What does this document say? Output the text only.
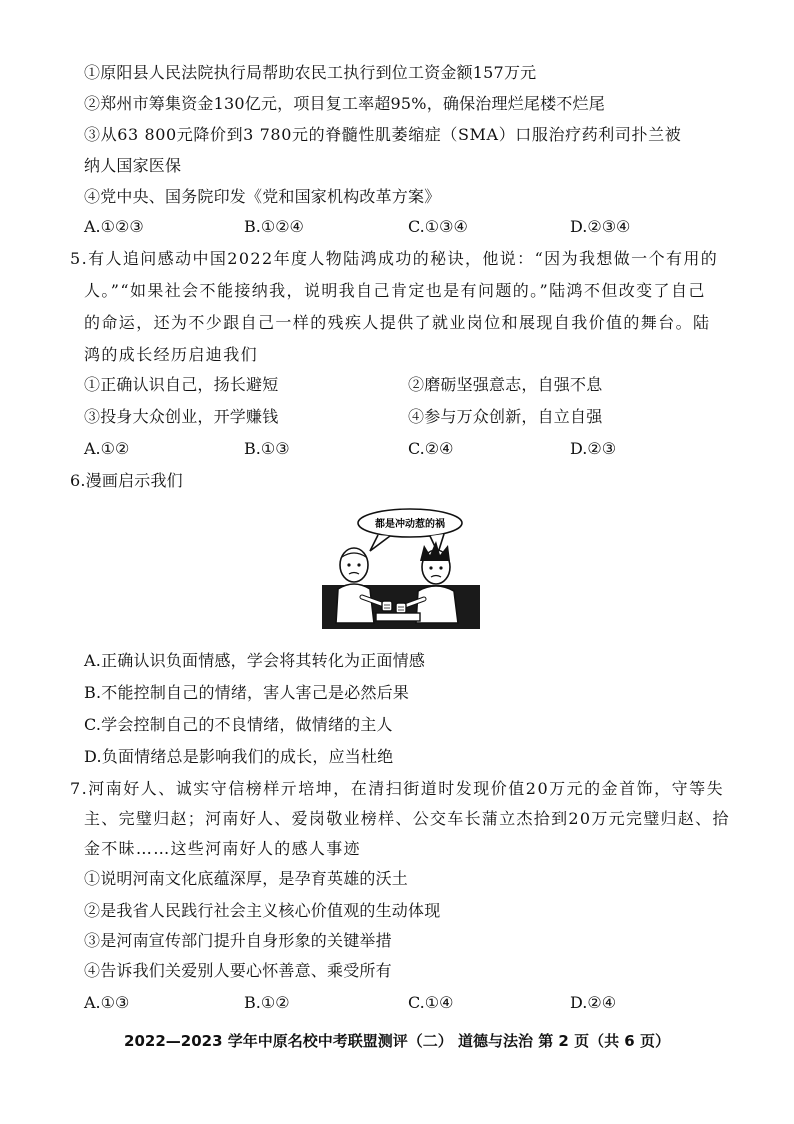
①原阳县人民法院执行局帮助农民工执行到位工资金额157万元
②郑州市筹集资金130亿元，项目复工率超95%，确保治理烂尾楼不烂尾
③从63 800元降价到3 780元的脊髓性肌萎缩症（SMA）口服治疗药利司扑兰被
纳人国家医保
④党中央、国务院印发《党和国家机构改革方案》
A.①②③	B.①②④	C.①③④	D.②③④
5.有人追问感动中国2022年度人物陆鸿成功的秘诀，他说：“因为我想做一个有用的
人。”“如果社会不能接纳我，说明我自己肯定也是有问题的。”陆鸿不但改变了自己
的命运，还为不少跟自己一样的残疾人提供了就业岗位和展现自我价值的舞台。陆
鸿的成长经历启迪我们
①正确认识自己，扬长避短	②磨砺坚强意志，自强不息
③投身大众创业，开学赚钱	④参与万众创新，自立自强
A.①②	B.①③	C.②④	D.②③
6.漫画启示我们
都是冲动惹的祸
A.正确认识负面情感，学会将其转化为正面情感
B.不能控制自己的情绪，害人害己是必然后果
C.学会控制自己的不良情绪，做情绪的主人
D.负面情绪总是影响我们的成长，应当杜绝
7.河南好人、诚实守信榜样亓培坤，在清扫街道时发现价值20万元的金首饰，守等失
主、完璧归赵；河南好人、爱岗敬业榜样、公交车长蒲立杰拾到20万元完璧归赵、拾
金不昧……这些河南好人的感人事迹
①说明河南文化底蕴深厚，是孕育英雄的沃土
②是我省人民践行社会主义核心价值观的生动体现
③是河南宣传部门提升自身形象的关键举措
④告诉我们关爱别人要心怀善意、乘受所有
A.①③	B.①②	C.①④	D.②④
2022—2023 学年中原名校中考联盟测评（二） 道德与法治 第 2 页（共 6 页）
